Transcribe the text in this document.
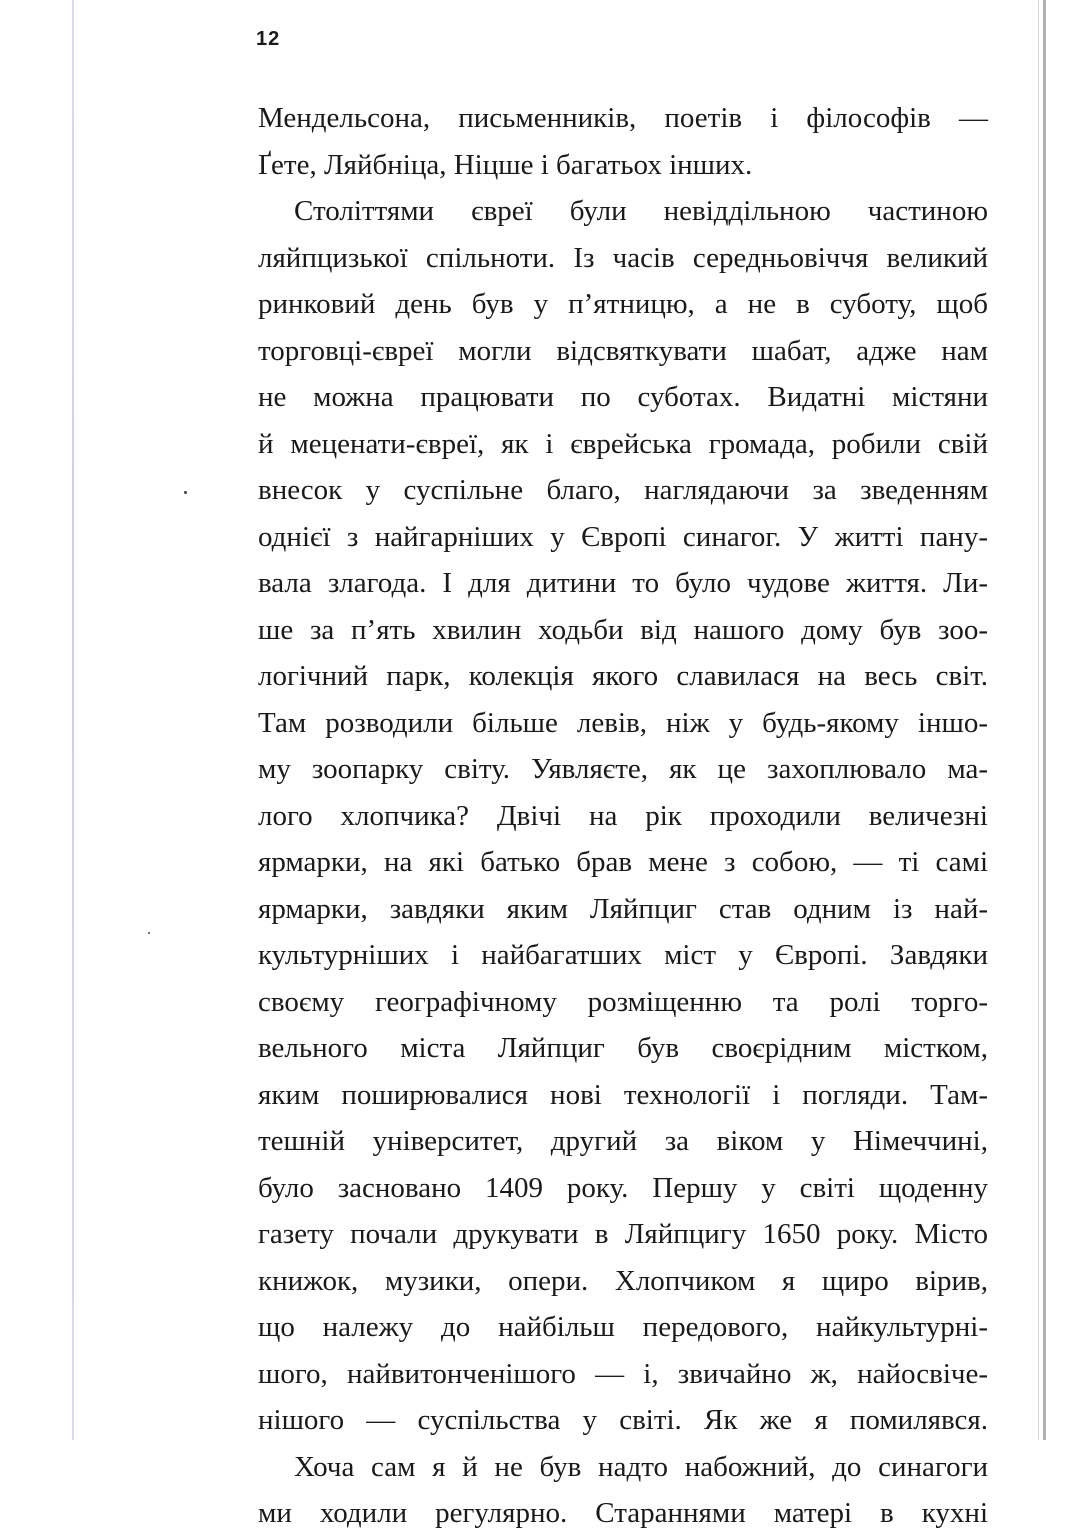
12
Мендельсона, письменників, поетів і філософів —
Ґете, Ляйбніца, Ніцше і багатьох інших.
Століттями євреї були невіддільною частиною
ляйпцизької спільноти. Із часів середньовіччя великий
ринковий день був у п’ятницю, а не в суботу, щоб
торговці-євреї могли відсвяткувати шабат, адже нам
не можна працювати по суботах. Видатні містяни
й меценати-євреї, як і єврейська громада, робили свій
внесок у суспільне благо, наглядаючи за зведенням
однієї з найгарніших у Європі синагог. У житті пану-
вала злагода. І для дитини то було чудове життя. Ли-
ше за п’ять хвилин ходьби від нашого дому був зоо-
логічний парк, колекція якого славилася на весь світ.
Там розводили більше левів, ніж у будь-якому іншо-
му зоопарку світу. Уявляєте, як це захоплювало ма-
лого хлопчика? Двічі на рік проходили величезні
ярмарки, на які батько брав мене з собою, — ті самі
ярмарки, завдяки яким Ляйпциг став одним із най-
культурніших і найбагатших міст у Європі. Завдяки
своєму географічному розміщенню та ролі торго-
вельного міста Ляйпциг був своєрідним містком,
яким поширювалися нові технології і погляди. Там-
тешній університет, другий за віком у Німеччині,
було засновано 1409 року. Першу у світі щоденну
газету почали друкувати в Ляйпцигу 1650 року. Місто
книжок, музики, опери. Хлопчиком я щиро вірив,
що належу до найбільш передового, найкультурні-
шого, найвитонченішого — і, звичайно ж, найосвіче-
нішого — суспільства у світі. Як же я помилявся.
Хоча сам я й не був надто набожний, до синагоги
ми ходили регулярно. Стараннями матері в кухні
